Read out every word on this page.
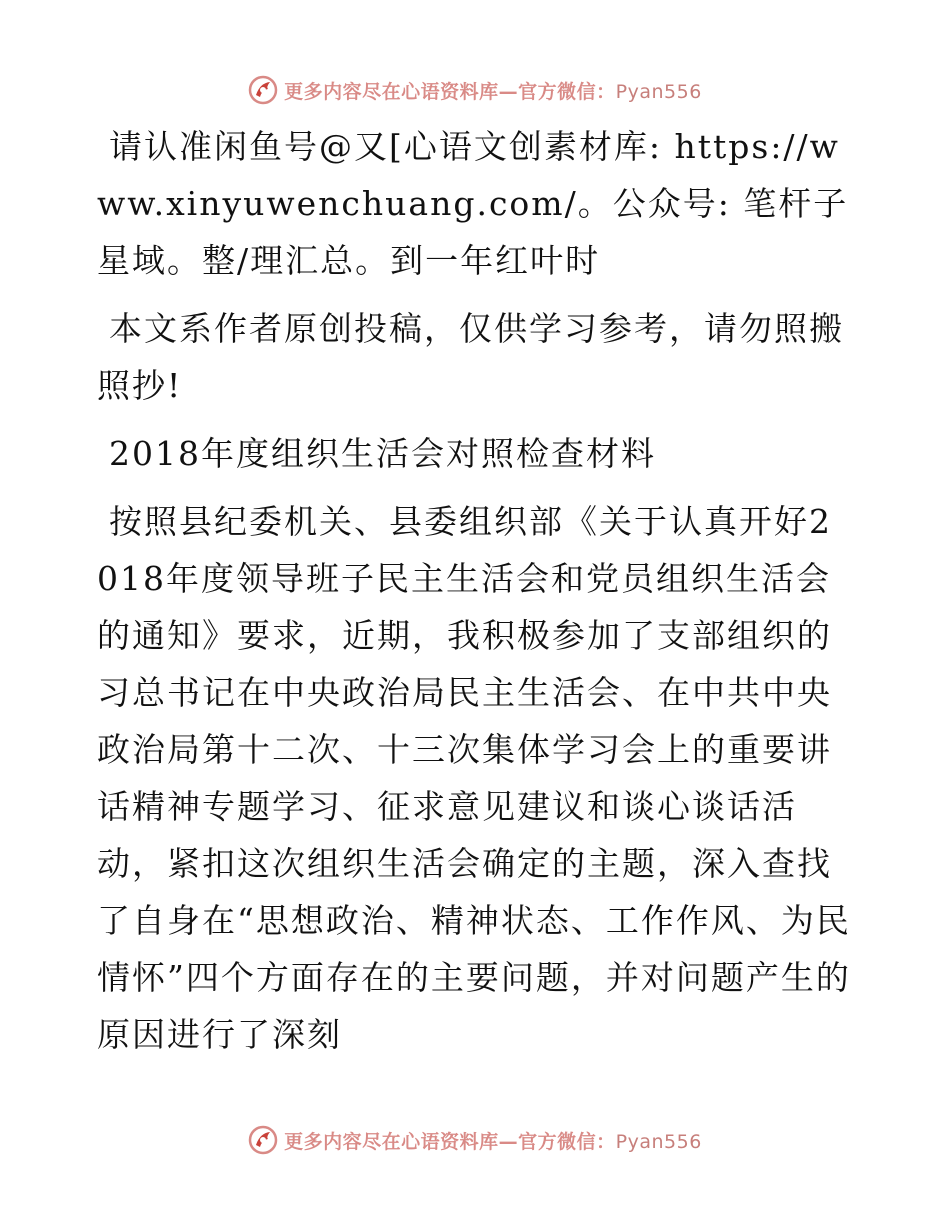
更多内容尽在心语资料库—官方微信：Pyan556

请认准闲鱼号@又[心语文创素材库: https://www.xinyuwenchuang.com/。公众号: 笔杆子星域。整/理汇总。到一年红叶时

本文系作者原创投稿，仅供学习参考，请勿照搬照抄!

2018年度组织生活会对照检查材料

按照县纪委机关、县委组织部《关于认真开好2018年度领导班子民主生活会和党员组织生活会的通知》要求，近期，我积极参加了支部组织的习总书记在中央政治局民主生活会、在中共中央政治局第十二次、十三次集体学习会上的重要讲话精神专题学习、征求意见建议和谈心谈话活动，紧扣这次组织生活会确定的主题，深入查找了自身在“思想政治、精神状态、工作作风、为民情怀”四个方面存在的主要问题，并对问题产生的原因进行了深刻

更多内容尽在心语资料库—官方微信：Pyan556
